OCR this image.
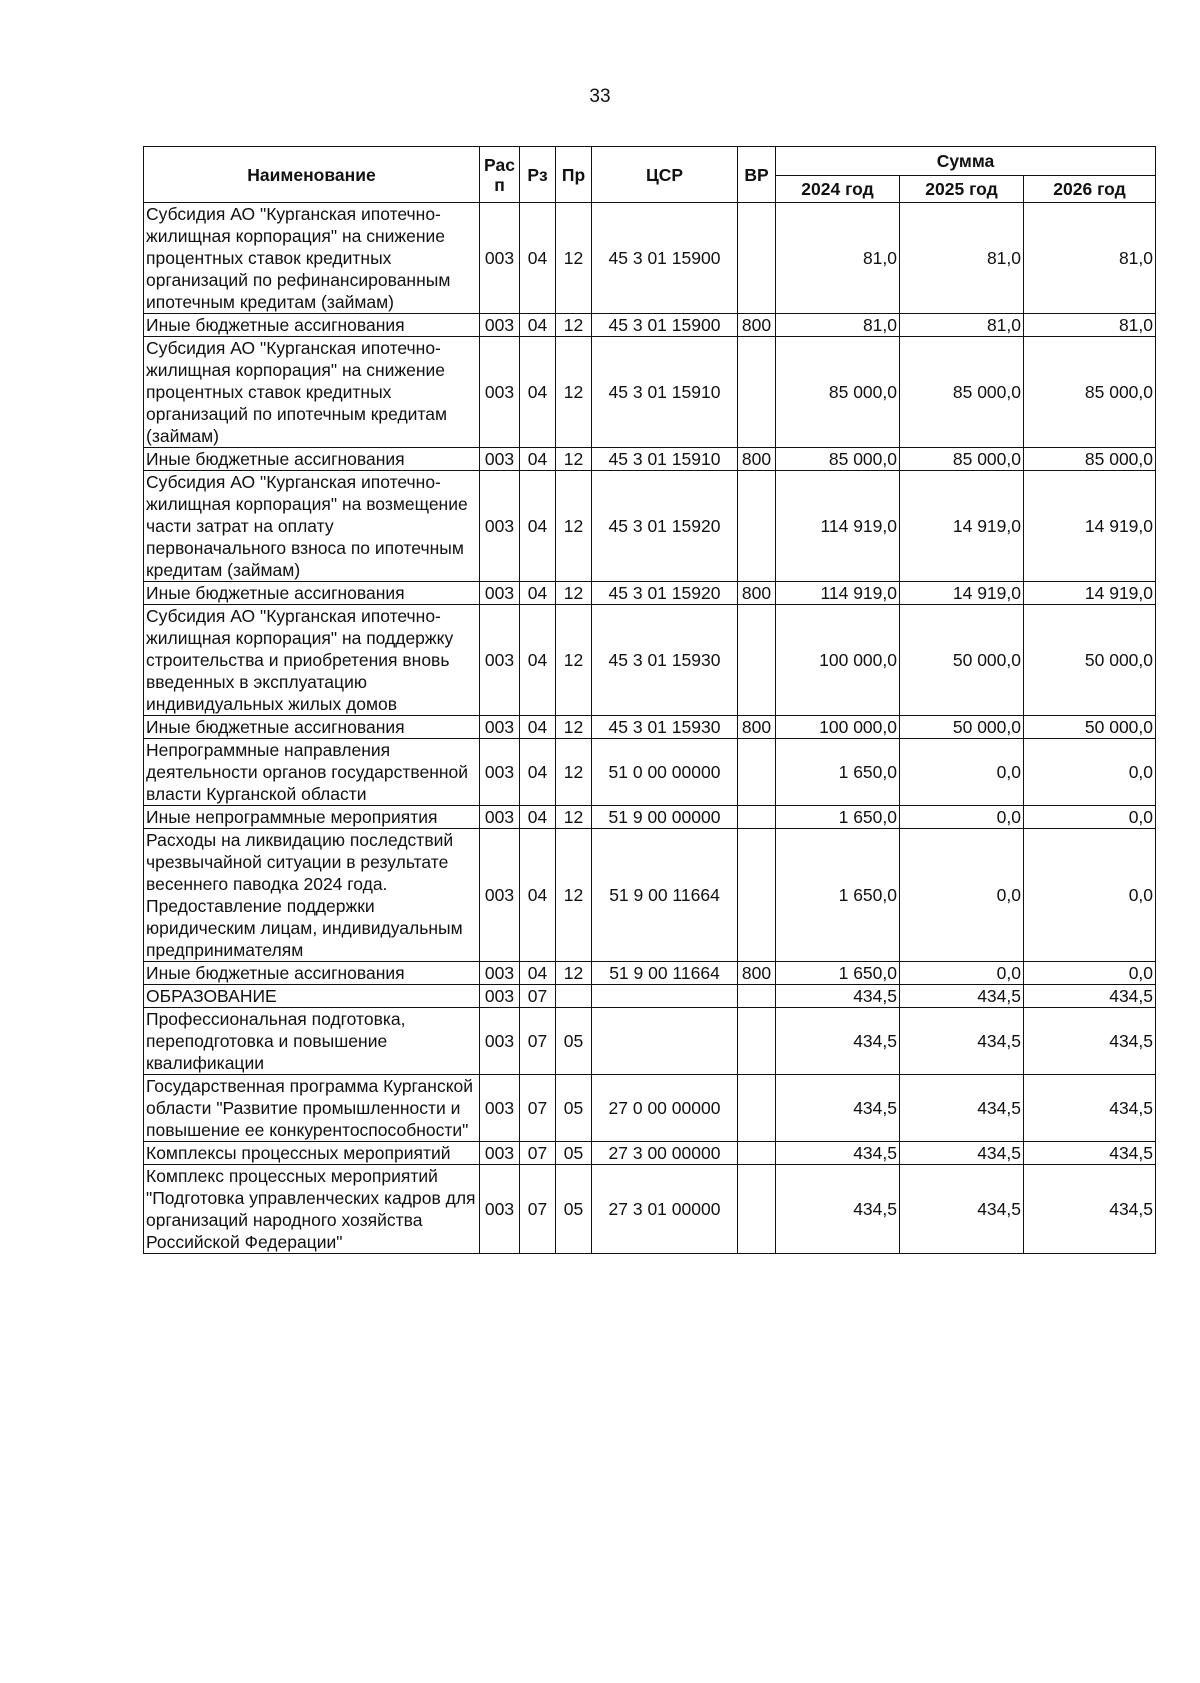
33
Наименование	Рас п	Рз	Пр	ЦСР	ВР	Сумма		
						2024 год	2025 год	2026 год
Субсидия АО "Курганская ипотечно-жилищная корпорация" на снижение процентных ставок кредитных организаций по рефинансированным ипотечным кредитам (займам)	003	04	12	45 3 01 15900		81,0	81,0	81,0
Иные бюджетные ассигнования	003	04	12	45 3 01 15900	800	81,0	81,0	81,0
Субсидия АО "Курганская ипотечно-жилищная корпорация" на снижение процентных ставок кредитных организаций по ипотечным кредитам (займам)	003	04	12	45 3 01 15910		85 000,0	85 000,0	85 000,0
Иные бюджетные ассигнования	003	04	12	45 3 01 15910	800	85 000,0	85 000,0	85 000,0
Субсидия АО "Курганская ипотечно-жилищная корпорация" на возмещение части затрат на оплату первоначального взноса по ипотечным кредитам (займам)	003	04	12	45 3 01 15920		114 919,0	14 919,0	14 919,0
Иные бюджетные ассигнования	003	04	12	45 3 01 15920	800	114 919,0	14 919,0	14 919,0
Субсидия АО "Курганская ипотечно-жилищная корпорация" на поддержку строительства и приобретения вновь введенных в эксплуатацию индивидуальных жилых домов	003	04	12	45 3 01 15930		100 000,0	50 000,0	50 000,0
Иные бюджетные ассигнования	003	04	12	45 3 01 15930	800	100 000,0	50 000,0	50 000,0
Непрограммные направления деятельности органов государственной власти Курганской области	003	04	12	51 0 00 00000		1 650,0	0,0	0,0
Иные непрограммные мероприятия	003	04	12	51 9 00 00000		1 650,0	0,0	0,0
Расходы на ликвидацию последствий чрезвычайной ситуации в результате весеннего паводка 2024 года. Предоставление поддержки юридическим лицам, индивидуальным предпринимателям	003	04	12	51 9 00 11664		1 650,0	0,0	0,0
Иные бюджетные ассигнования	003	04	12	51 9 00 11664	800	1 650,0	0,0	0,0
ОБРАЗОВАНИЕ	003	07				434,5	434,5	434,5
Профессиональная подготовка, переподготовка и повышение квалификации	003	07	05			434,5	434,5	434,5
Государственная программа Курганской области "Развитие промышленности и повышение ее конкурентоспособности"	003	07	05	27 0 00 00000		434,5	434,5	434,5
Комплексы процессных мероприятий	003	07	05	27 3 00 00000		434,5	434,5	434,5
Комплекс процессных мероприятий "Подготовка управленческих кадров для организаций народного хозяйства Российской Федерации"	003	07	05	27 3 01 00000		434,5	434,5	434,5
